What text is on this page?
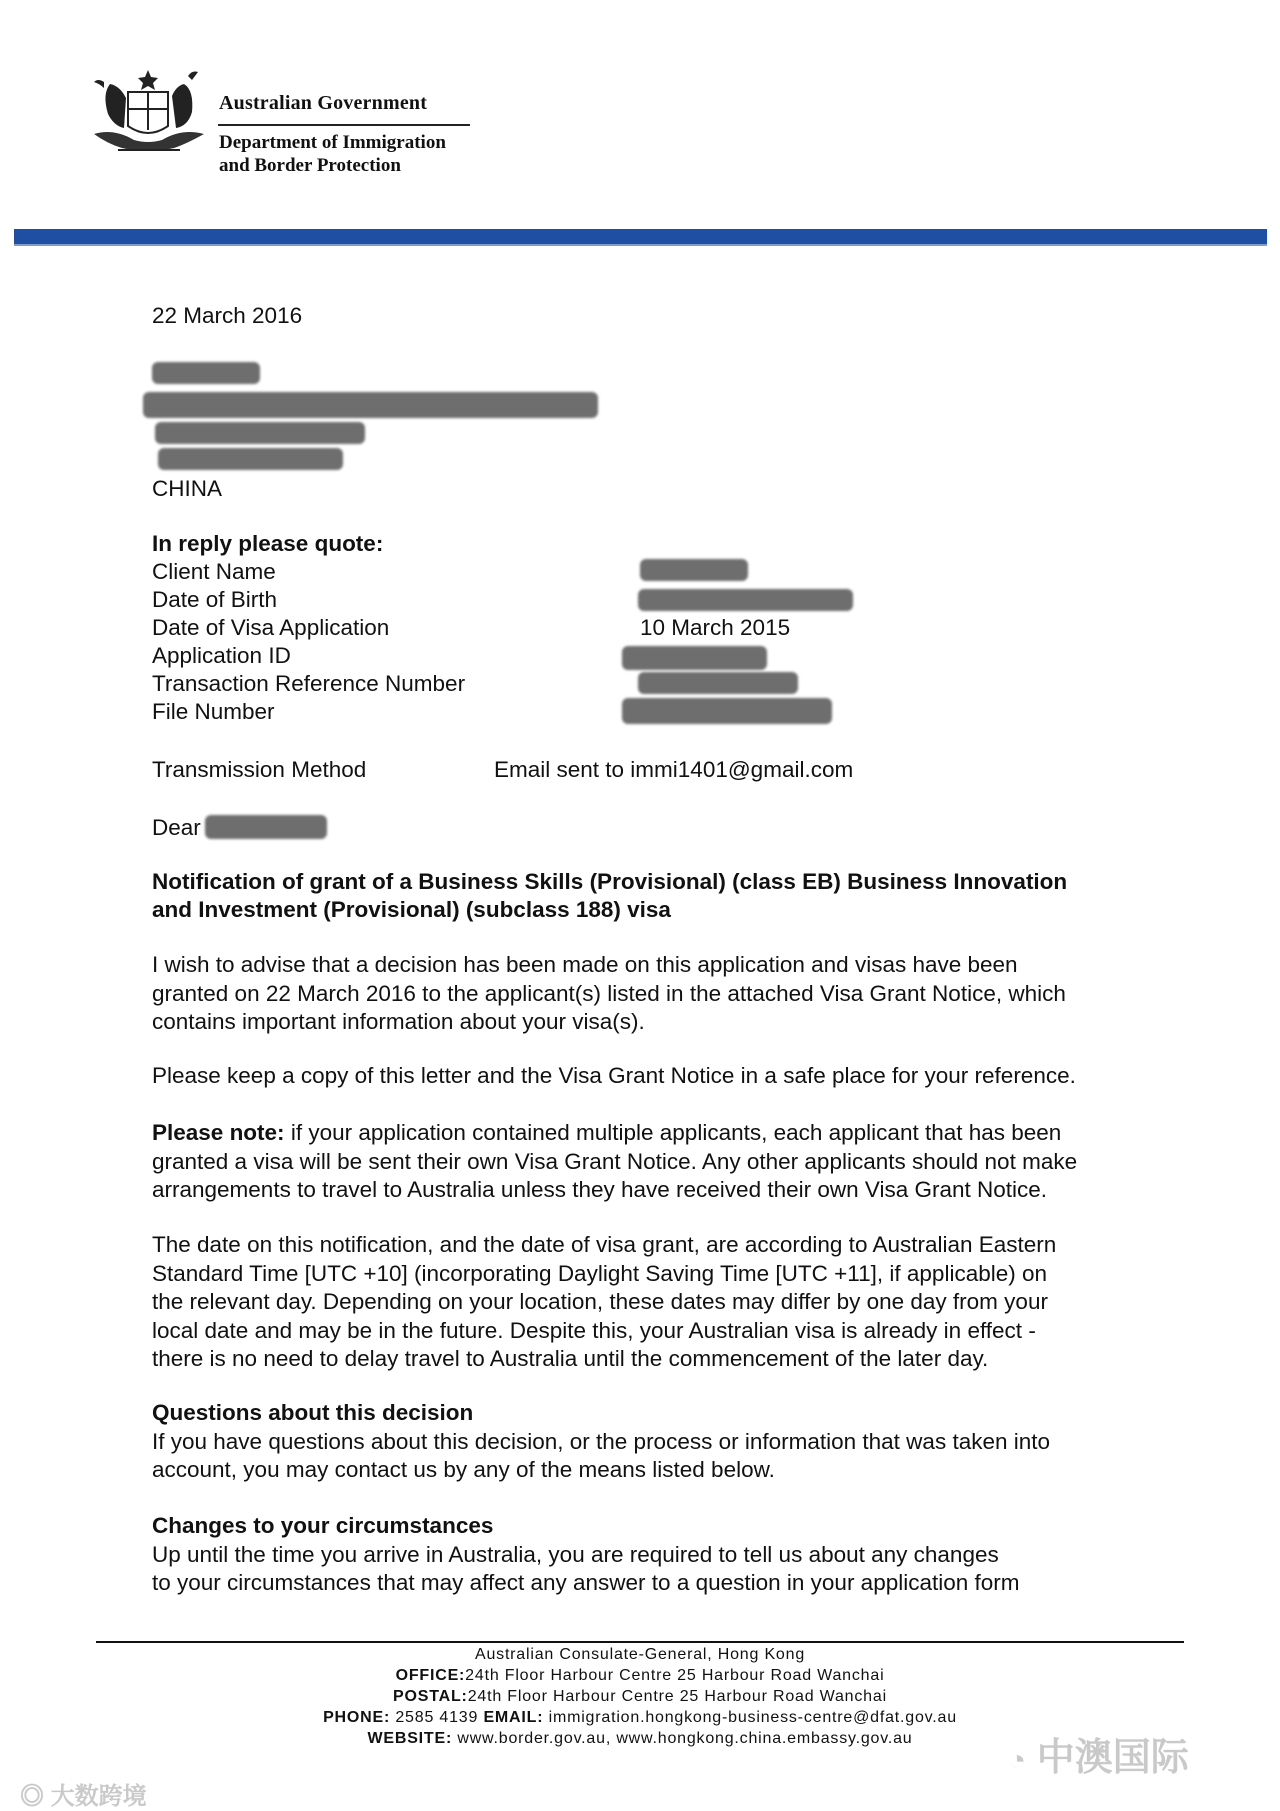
Australian Government
Department of Immigration
and Border Protection
22 March 2016
CHINA
In reply please quote:
Client Name
Date of Birth
Date of Visa Application
Application ID
Transaction Reference Number
File Number
10 March 2015
Transmission Method	Email sent to immi1401@gmail.com
Dear
Notification of grant of a Business Skills (Provisional) (class EB) Business Innovation
and Investment (Provisional) (subclass 188) visa

I wish to advise that a decision has been made on this application and visas have been

granted on 22 March 2016 to the applicant(s) listed in the attached Visa Grant Notice, which

contains important information about your visa(s).

Please keep a copy of this letter and the Visa Grant Notice in a safe place for your reference.

Please note: if your application contained multiple applicants, each applicant that has been

granted a visa will be sent their own Visa Grant Notice. Any other applicants should not make

arrangements to travel to Australia unless they have received their own Visa Grant Notice.

The date on this notification, and the date of visa grant, are according to Australian Eastern

Standard Time [UTC +10] (incorporating Daylight Saving Time [UTC +11], if applicable) on

the relevant day. Depending on your location, these dates may differ by one day from your

local date and may be in the future. Despite this, your Australian visa is already in effect -

there is no need to delay travel to Australia until the commencement of the later day.

Questions about this decision

If you have questions about this decision, or the process or information that was taken into

account, you may contact us by any of the means listed below.

Changes to your circumstances

Up until the time you arrive in Australia, you are required to tell us about any changes

to your circumstances that may affect any answer to a question in your application form

Australian Consulate-General, Hong Kong
OFFICE:24th Floor Harbour Centre 25 Harbour Road Wanchai
POSTAL:24th Floor Harbour Centre 25 Harbour Road Wanchai
PHONE: 2585 4139 EMAIL: immigration.hongkong-business-centre@dfat.gov.au
WEBSITE: www.border.gov.au, www.hongkong.china.embassy.gov.au
◎ 大数跨境
◔ 中澳国际
